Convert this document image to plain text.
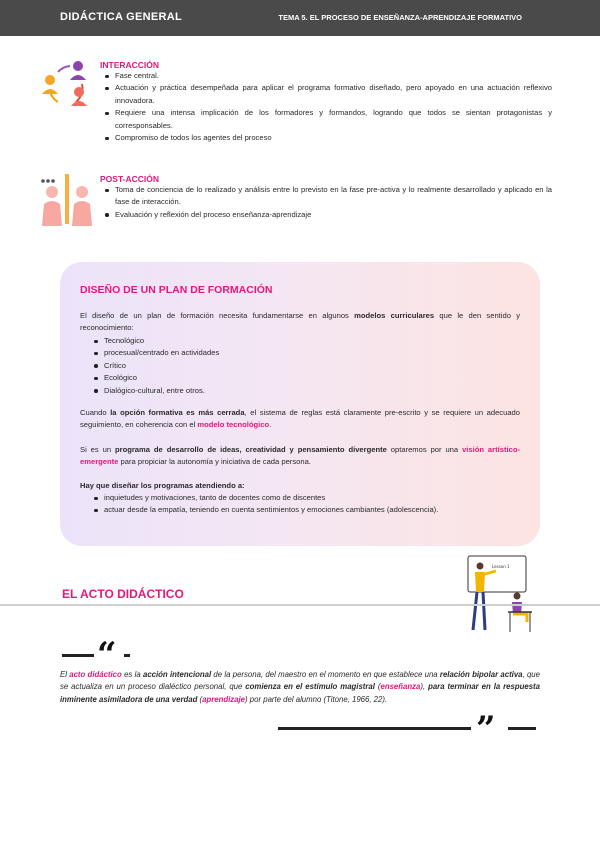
DIDÁCTICA GENERAL	TEMA 5. EL PROCESO DE ENSEÑANZA-APRENDIZAJE FORMATIVO
INTERACCIÓN
Fase central.
Actuación y práctica desempeñada para aplicar el programa formativo diseñado, pero apoyado en una actuación reflexivo innovadora.
Requiere una intensa implicación de los formadores y formandos, logrando que todos se sientan protagonistas y corresponsables.
Compromiso de todos los agentes del proceso
POST-ACCIÓN
Toma de conciencia de lo realizado y análisis entre lo previsto en la fase pre-activa y lo realmente desarrollado y aplicado en la fase de interacción.
Evaluación y reflexión del proceso enseñanza-aprendizaje
DISEÑO DE UN PLAN DE FORMACIÓN

El diseño de un plan de formación necesita fundamentarse en algunos modelos curriculares que le den sentido y reconocimiento:

Tecnológico
procesual/centrado en actividades
Crítico
Ecológico
Dialógico-cultural, entre otros.

Cuando la opción formativa es más cerrada, el sistema de reglas está claramente pre-escrito y se requiere un adecuado seguimiento, en coherencia con el modelo tecnológico.

Si es un programa de desarrollo de ideas, creatividad y pensamiento divergente optaremos por una visión artístico-emergente para propiciar la autonomía y iniciativa de cada persona.

Hay que diseñar los programas atendiendo a:

inquietudes y motivaciones, tanto de docentes como de discentes
actuar desde la empatía, teniendo en cuenta sentimientos y emociones cambiantes (adolescencia).
Lesson 1
EL ACTO DIDÁCTICO
“
El acto didáctico es la acción intencional de la persona, del maestro en el momento en que establece una relación bipolar activa, que se actualiza en un proceso dialéctico personal, que comienza en el estímulo magistral (enseñanza), para terminar en la respuesta inminente asimiladora de una verdad (aprendizaje) por parte del alumno (Titone, 1966, 22).
”
